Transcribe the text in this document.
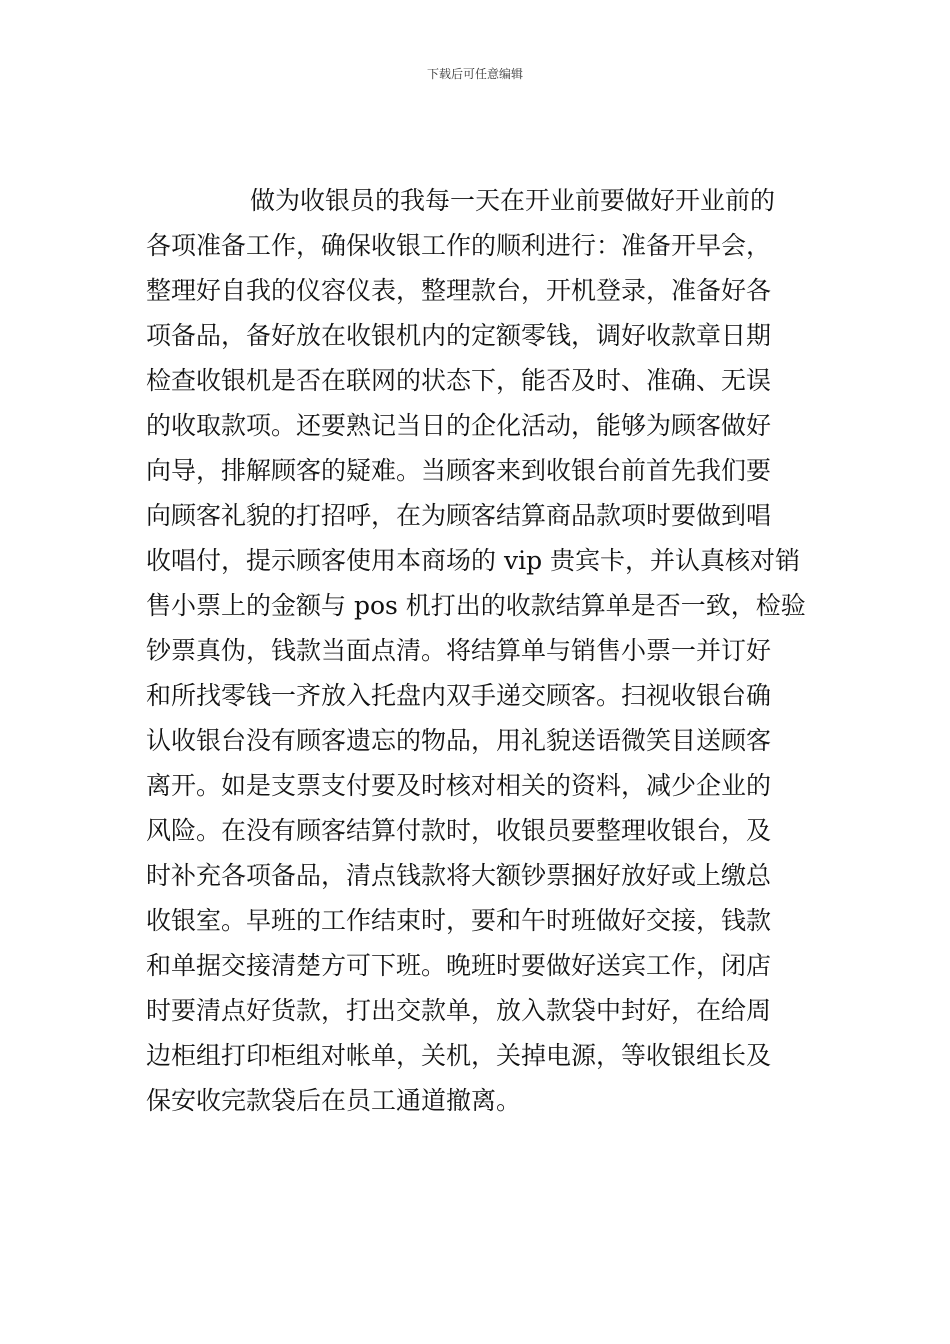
下载后可任意编辑
做为收银员的我每一天在开业前要做好开业前的
各项准备工作，确保收银工作的顺利进行：准备开早会，
整理好自我的仪容仪表，整理款台，开机登录，准备好各
项备品，备好放在收银机内的定额零钱，调好收款章日期
检查收银机是否在联网的状态下，能否及时、准确、无误
的收取款项。还要熟记当日的企化活动，能够为顾客做好
向导，排解顾客的疑难。当顾客来到收银台前首先我们要
向顾客礼貌的打招呼，在为顾客结算商品款项时要做到唱
收唱付，提示顾客使用本商场的 vip 贵宾卡，并认真核对销
售小票上的金额与 pos 机打出的收款结算单是否一致，检验
钞票真伪，钱款当面点清。将结算单与销售小票一并订好
和所找零钱一齐放入托盘内双手递交顾客。扫视收银台确
认收银台没有顾客遗忘的物品，用礼貌送语微笑目送顾客
离开。如是支票支付要及时核对相关的资料，减少企业的
风险。在没有顾客结算付款时，收银员要整理收银台，及
时补充各项备品，清点钱款将大额钞票捆好放好或上缴总
收银室。早班的工作结束时，要和午时班做好交接，钱款
和单据交接清楚方可下班。晚班时要做好送宾工作，闭店
时要清点好货款，打出交款单，放入款袋中封好，在给周
边柜组打印柜组对帐单，关机，关掉电源，等收银组长及
保安收完款袋后在员工通道撤离。
